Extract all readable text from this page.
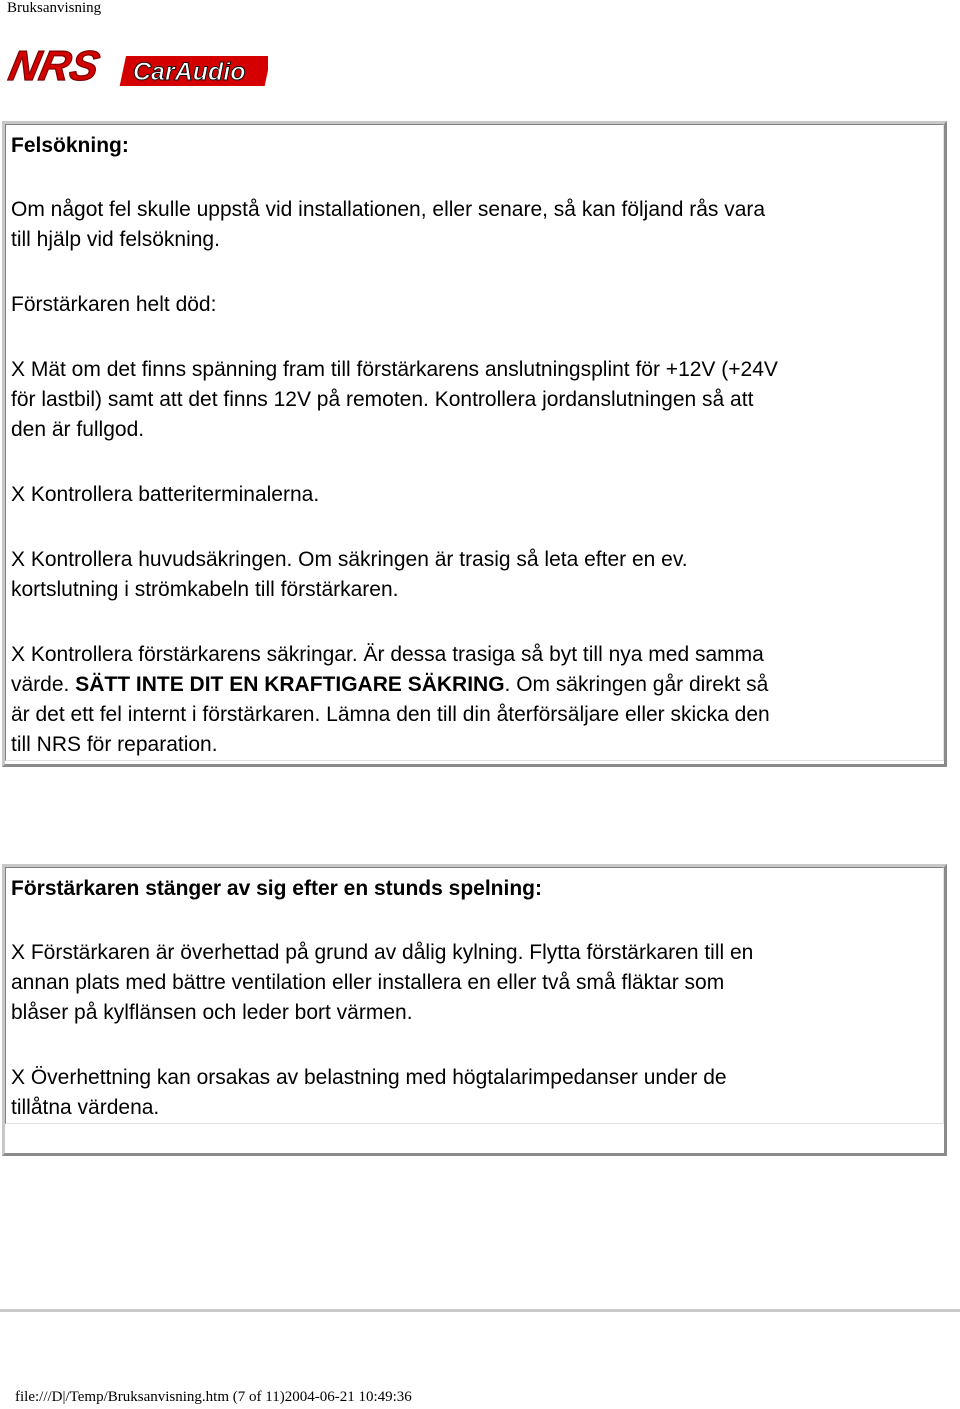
Bruksanvisning
NRS CarAudio
Felsökning:

Om något fel skulle uppstå vid installationen, eller senare, så kan följand rås vara

till hjälp vid felsökning.

Förstärkaren helt död:

X Mät om det finns spänning fram till förstärkarens anslutningsplint för +12V (+24V

för lastbil) samt att det finns 12V på remoten. Kontrollera jordanslutningen så att

den är fullgod.

X Kontrollera batteriterminalerna.

X Kontrollera huvudsäkringen. Om säkringen är trasig så leta efter en ev.

kortslutning i strömkabeln till förstärkaren.

X Kontrollera förstärkarens säkringar. Är dessa trasiga så byt till nya med samma

värde. SÄTT INTE DIT EN KRAFTIGARE SÄKRING. Om säkringen går direkt så

är det ett fel internt i förstärkaren. Lämna den till din återförsäljare eller skicka den

till NRS för reparation.

Förstärkaren stänger av sig efter en stunds spelning:

X Förstärkaren är överhettad på grund av dålig kylning. Flytta förstärkaren till en

annan plats med bättre ventilation eller installera en eller två små fläktar som

blåser på kylflänsen och leder bort värmen.

X Överhettning kan orsakas av belastning med högtalarimpedanser under de

tillåtna värdena.

file:///D|/Temp/Bruksanvisning.htm (7 of 11)2004-06-21 10:49:36
